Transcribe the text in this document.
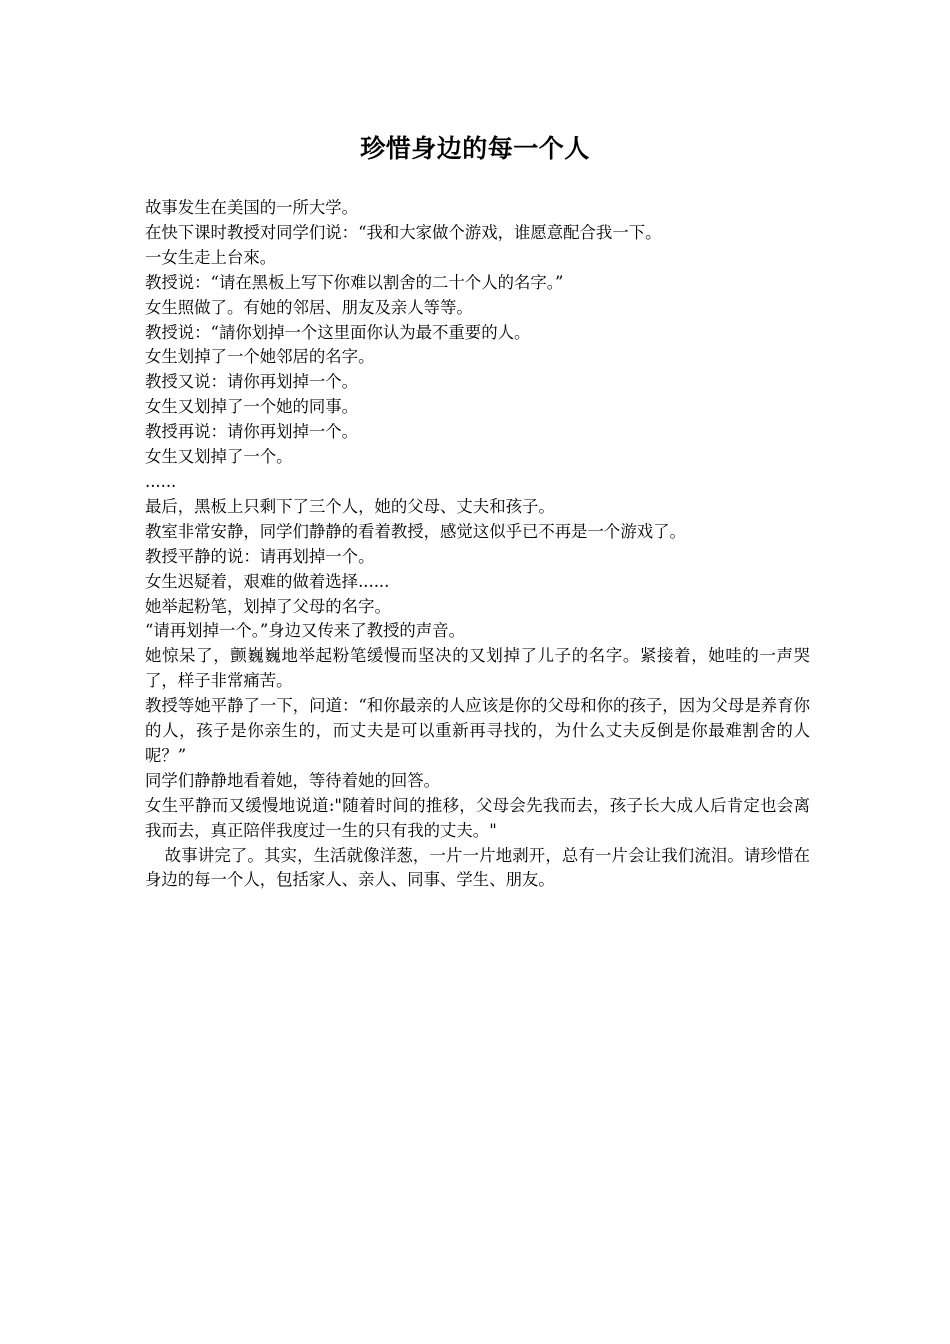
珍惜身边的每一个人

故事发生在美国的一所大学。

在快下课时教授对同学们说：“我和大家做个游戏，谁愿意配合我一下。

一女生走上台來。

教授说：“请在黑板上写下你难以割舍的二十个人的名字。”

女生照做了。有她的邻居、朋友及亲人等等。

教授说：“請你划掉一个这里面你认为最不重要的人。

女生划掉了一个她邻居的名字。

教授又说：请你再划掉一个。

女生又划掉了一个她的同事。

教授再说：请你再划掉一个。

女生又划掉了一个。

......

最后，黑板上只剩下了三个人，她的父母、丈夫和孩子。

教室非常安静，同学们静静的看着教授，感觉这似乎已不再是一个游戏了。

教授平静的说：请再划掉一个。

女生迟疑着，艰难的做着选择......

她举起粉笔，划掉了父母的名字。

“请再划掉一个。”身边又传来了教授的声音。

她惊呆了，颤巍巍地举起粉笔缓慢而坚决的又划掉了儿子的名字。紧接着，她哇的一声哭了，样子非常痛苦。

教授等她平静了一下，问道：“和你最亲的人应该是你的父母和你的孩子，因为父母是养育你的人，孩子是你亲生的，而丈夫是可以重新再寻找的，为什么丈夫反倒是你最难割舍的人呢？”

同学们静静地看着她，等待着她的回答。

女生平静而又缓慢地说道:"随着时间的推移，父母会先我而去，孩子长大成人后肯定也会离我而去，真正陪伴我度过一生的只有我的丈夫。"

故事讲完了。其实，生活就像洋葱，一片一片地剥开，总有一片会让我们流泪。请珍惜在身边的每一个人，包括家人、亲人、同事、学生、朋友。
